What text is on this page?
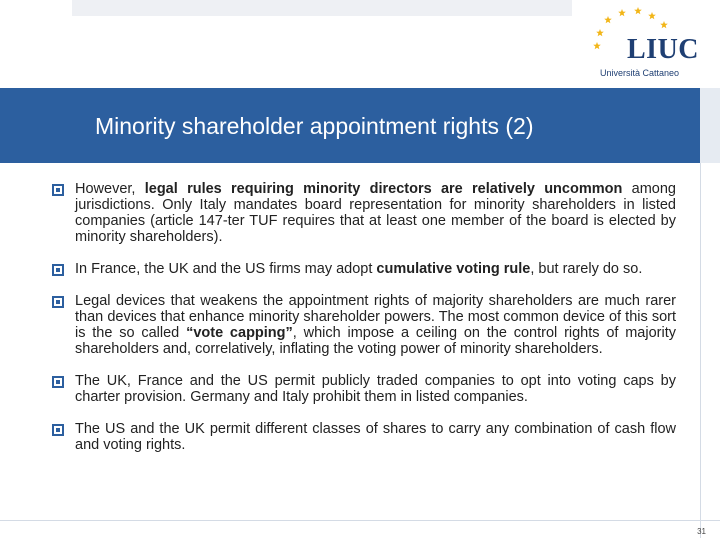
LIUC
Università Cattaneo
Minority shareholder appointment rights (2)
However, legal rules requiring minority directors are relatively uncommon among jurisdictions. Only Italy mandates board representation for minority shareholders in listed companies (article 147-ter TUF requires that at least one member of the board is elected by minority shareholders).
In France, the UK and the US firms may adopt cumulative voting rule, but rarely do so.
Legal devices that weakens the appointment rights of majority shareholders are much rarer than devices that enhance minority shareholder powers. The most common device of this sort is the so called “vote capping”, which impose a ceiling on the control rights of majority shareholders and, correlatively, inflating the voting power of minority shareholders.
The UK, France and the US permit publicly traded companies to opt into voting caps by charter provision. Germany and Italy prohibit them in listed companies.
The US and the UK permit different classes of shares to carry any combination of cash flow and voting rights.
31
